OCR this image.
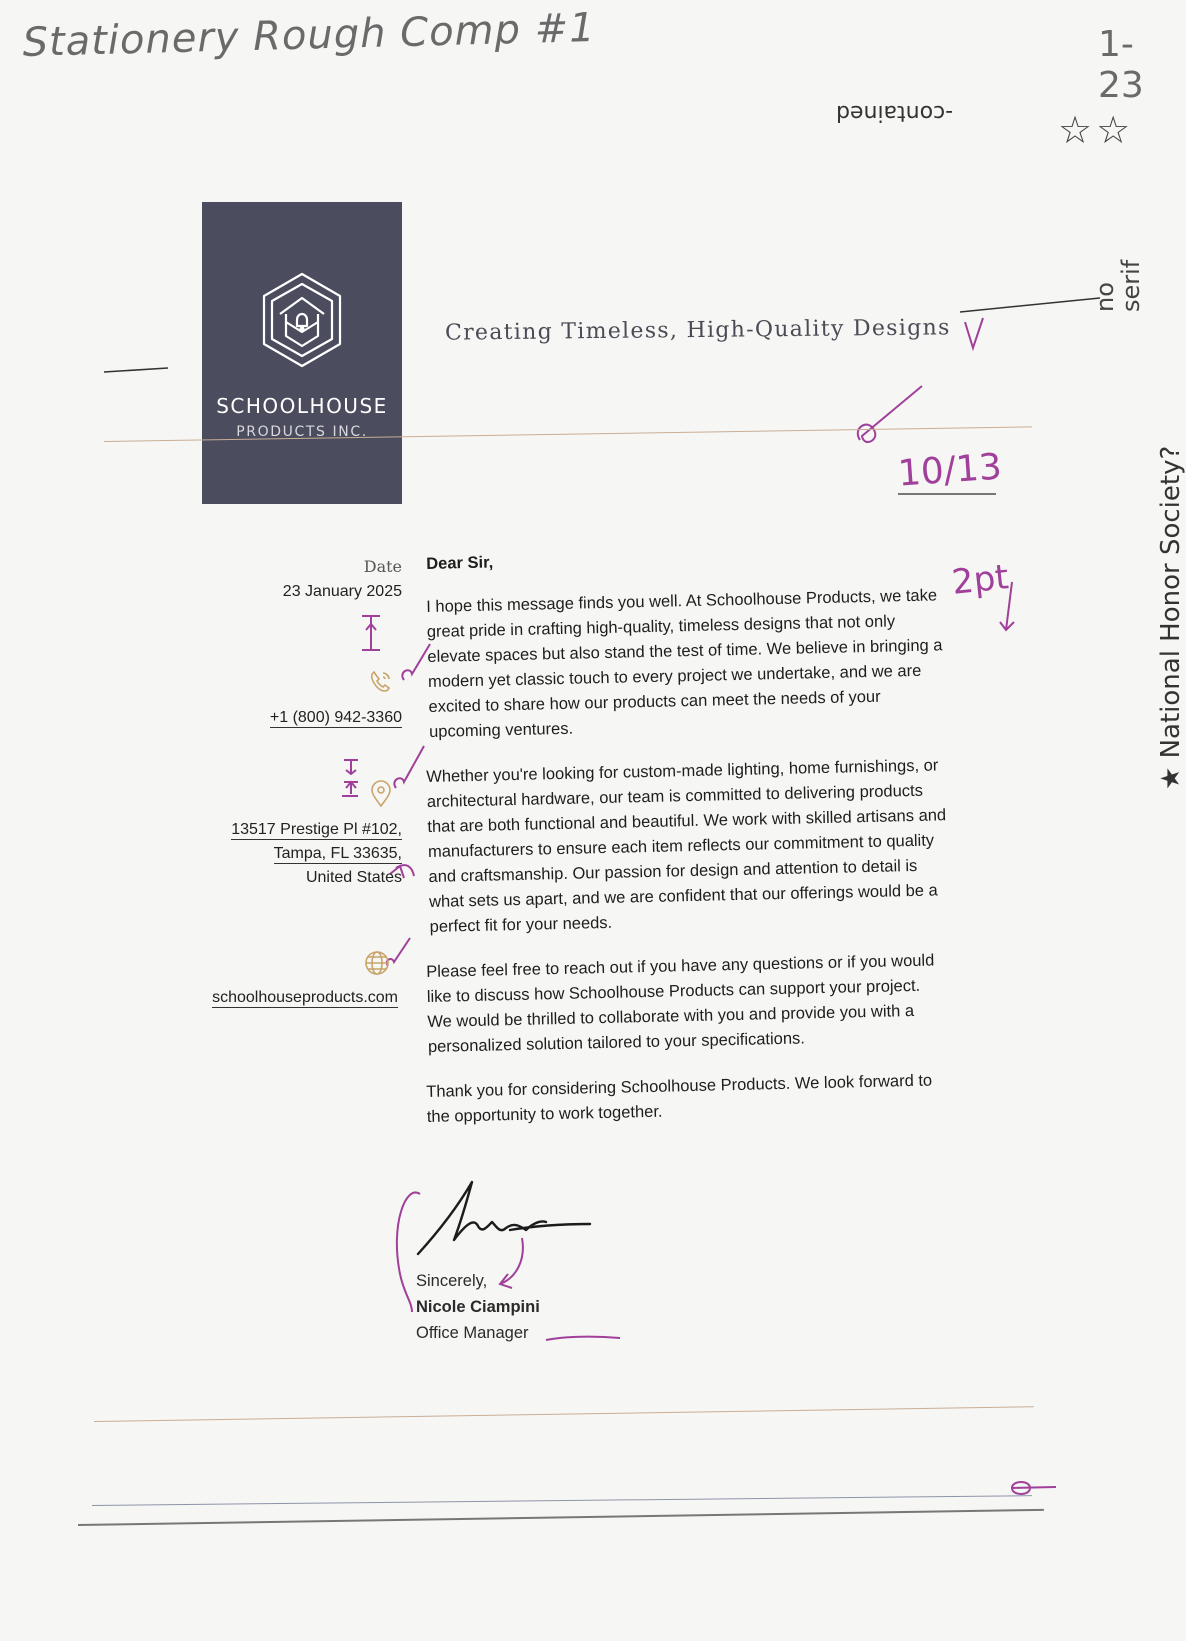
Stationery Rough Comp #1	1-23
-contained	☆☆
no
serif
★ National Honor Society?
10/13
2pt
SCHOOLHOUSE
PRODUCTS INC.
Creating Timeless, High-Quality Designs
Date
23 January 2025
+1 (800) 942-3360
13517 Prestige Pl #102,
Tampa, FL 33635,
United States
schoolhouseproducts.com
Dear Sir,
I hope this message finds you well. At Schoolhouse Products, we take great pride in crafting high-quality, timeless designs that not only elevate spaces but also stand the test of time. We believe in bringing a modern yet classic touch to every project we undertake, and we are excited to share how our products can meet the needs of your upcoming ventures.
Whether you're looking for custom-made lighting, home furnishings, or architectural hardware, our team is committed to delivering products that are both functional and beautiful. We work with skilled artisans and manufacturers to ensure each item reflects our commitment to quality and craftsmanship. Our passion for design and attention to detail is what sets us apart, and we are confident that our offerings would be a perfect fit for your needs.
Please feel free to reach out if you have any questions or if you would like to discuss how Schoolhouse Products can support your project. We would be thrilled to collaborate with you and provide you with a personalized solution tailored to your specifications.
Thank you for considering Schoolhouse Products. We look forward to the opportunity to work together.
Sincerely,
Nicole Ciampini
Office Manager
